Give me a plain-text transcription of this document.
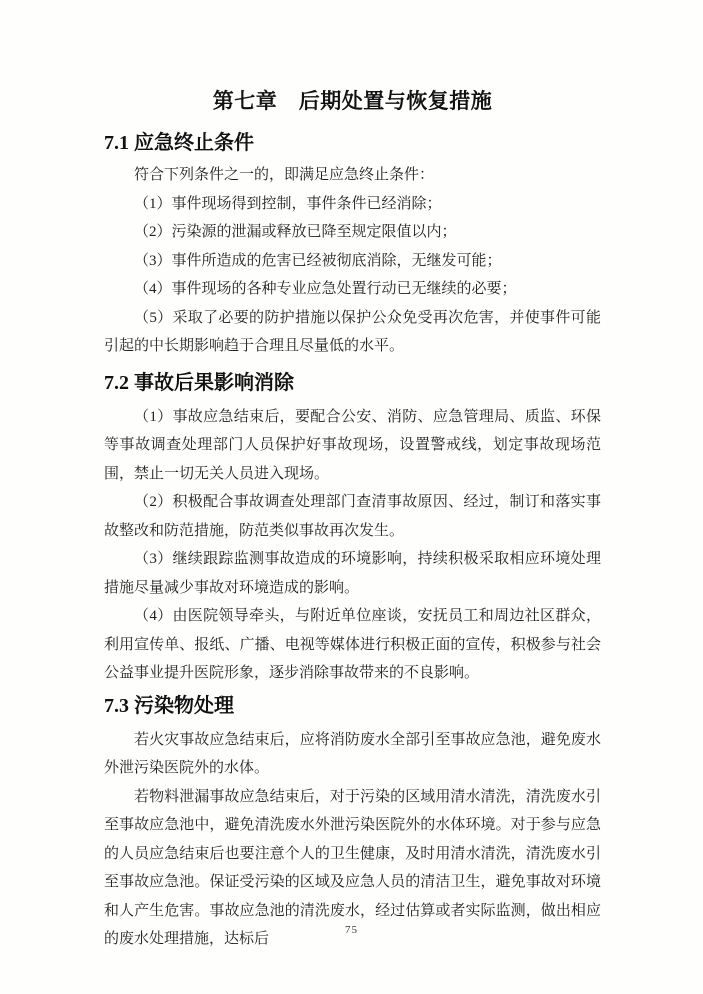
第七章　后期处置与恢复措施
7.1 应急终止条件

符合下列条件之一的，即满足应急终止条件：

（1）事件现场得到控制，事件条件已经消除；

（2）污染源的泄漏或释放已降至规定限值以内；

（3）事件所造成的危害已经被彻底消除，无继发可能；

（4）事件现场的各种专业应急处置行动已无继续的必要；

（5）采取了必要的防护措施以保护公众免受再次危害，并使事件可能引起的中长期影响趋于合理且尽量低的水平。

7.2 事故后果影响消除

（1）事故应急结束后，要配合公安、消防、应急管理局、质监、环保等事故调查处理部门人员保护好事故现场，设置警戒线，划定事故现场范围，禁止一切无关人员进入现场。

（2）积极配合事故调查处理部门查清事故原因、经过，制订和落实事故整改和防范措施，防范类似事故再次发生。

（3）继续跟踪监测事故造成的环境影响，持续积极采取相应环境处理措施尽量减少事故对环境造成的影响。

（4）由医院领导牵头，与附近单位座谈，安抚员工和周边社区群众，利用宣传单、报纸、广播、电视等媒体进行积极正面的宣传，积极参与社会公益事业提升医院形象，逐步消除事故带来的不良影响。

7.3 污染物处理

若火灾事故应急结束后，应将消防废水全部引至事故应急池，避免废水外泄污染医院外的水体。

若物料泄漏事故应急结束后，对于污染的区域用清水清洗，清洗废水引至事故应急池中，避免清洗废水外泄污染医院外的水体环境。对于参与应急的人员应急结束后也要注意个人的卫生健康，及时用清水清洗，清洗废水引至事故应急池。保证受污染的区域及应急人员的清洁卫生，避免事故对环境和人产生危害。事故应急池的清洗废水，经过估算或者实际监测，做出相应的废水处理措施，达标后

75
